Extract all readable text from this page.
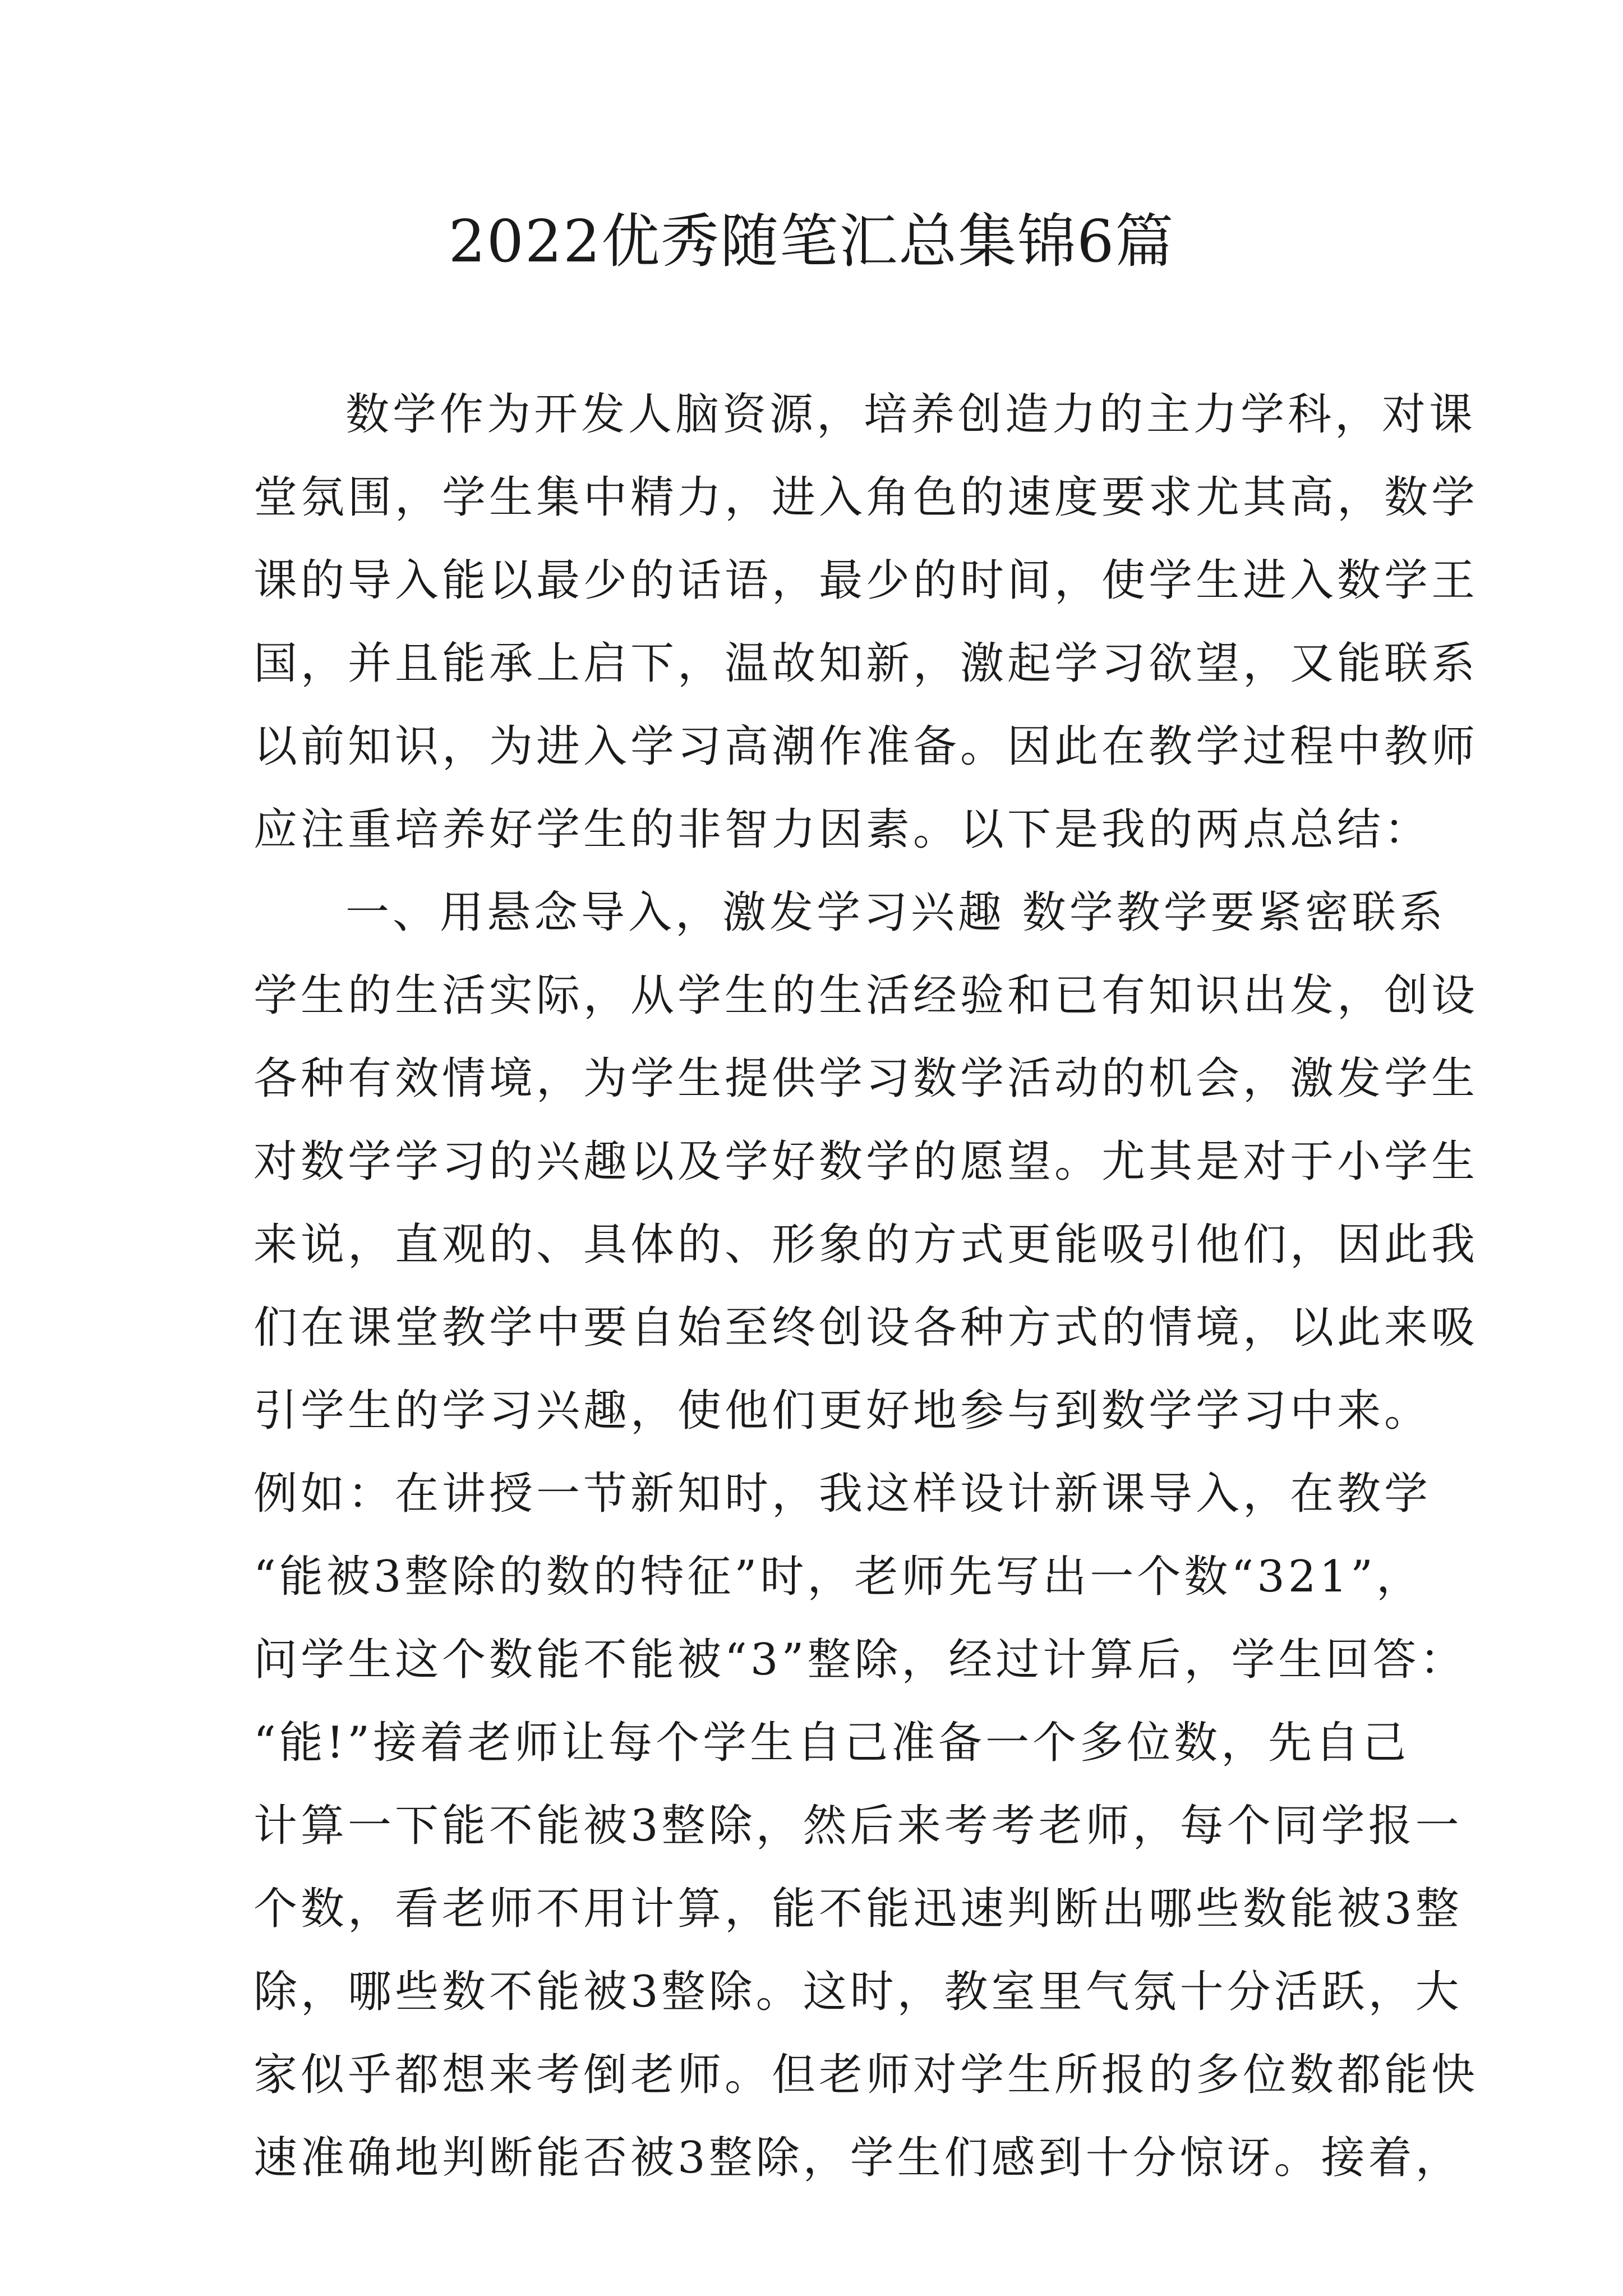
2022优秀随笔汇总集锦6篇
数学作为开发人脑资源，培养创造力的主力学科，对课
堂氛围，学生集中精力，进入角色的速度要求尤其高，数学
课的导入能以最少的话语，最少的时间，使学生进入数学王
国，并且能承上启下，温故知新，激起学习欲望，又能联系
以前知识，为进入学习高潮作准备。因此在教学过程中教师
应注重培养好学生的非智力因素。以下是我的两点总结：
一、用悬念导入，激发学习兴趣 数学教学要紧密联系
学生的生活实际，从学生的生活经验和已有知识出发，创设
各种有效情境，为学生提供学习数学活动的机会，激发学生
对数学学习的兴趣以及学好数学的愿望。尤其是对于小学生
来说，直观的、具体的、形象的方式更能吸引他们，因此我
们在课堂教学中要自始至终创设各种方式的情境，以此来吸
引学生的学习兴趣，使他们更好地参与到数学学习中来。
例如：在讲授一节新知时，我这样设计新课导入，在教学
“能被3整除的数的特征”时，老师先写出一个数“321”，
问学生这个数能不能被“3”整除，经过计算后，学生回答：
“能!”接着老师让每个学生自己准备一个多位数，先自己
计算一下能不能被3整除，然后来考考老师，每个同学报一
个数，看老师不用计算，能不能迅速判断出哪些数能被3整
除，哪些数不能被3整除。这时，教室里气氛十分活跃，大
家似乎都想来考倒老师。但老师对学生所报的多位数都能快
速准确地判断能否被3整除，学生们感到十分惊讶。接着，
